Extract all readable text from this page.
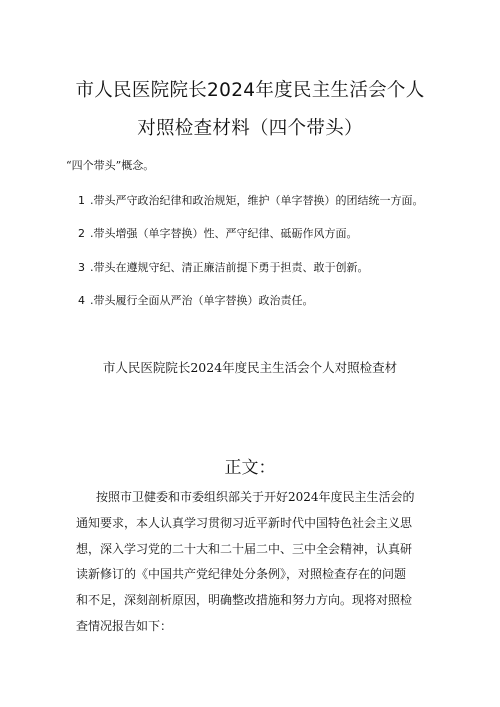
市人民医院院长2024年度民主生活会个人
对照检查材料（四个带头）
“四个带头”概念。
1 .带头严守政治纪律和政治规矩，维护（单字替换）的团结统一方面。
2 .带头增强（单字替换）性、严守纪律、砥砺作风方面。
3 .带头在遵规守纪、清正廉洁前提下勇于担责、敢于创新。
4 .带头履行全面从严治（单字替换）政治责任。
市人民医院院长2024年度民主生活会个人对照检查材
正文：
按照市卫健委和市委组织部关于开好2024年度民主生活会的
通知要求，本人认真学习贯彻习近平新时代中国特色社会主义思
想，深入学习党的二十大和二十届二中、三中全会精神，认真研
读新修订的《中国共产党纪律处分条例》，对照检查存在的问题
和不足，深刻剖析原因，明确整改措施和努力方向。现将对照检
查情况报告如下：
